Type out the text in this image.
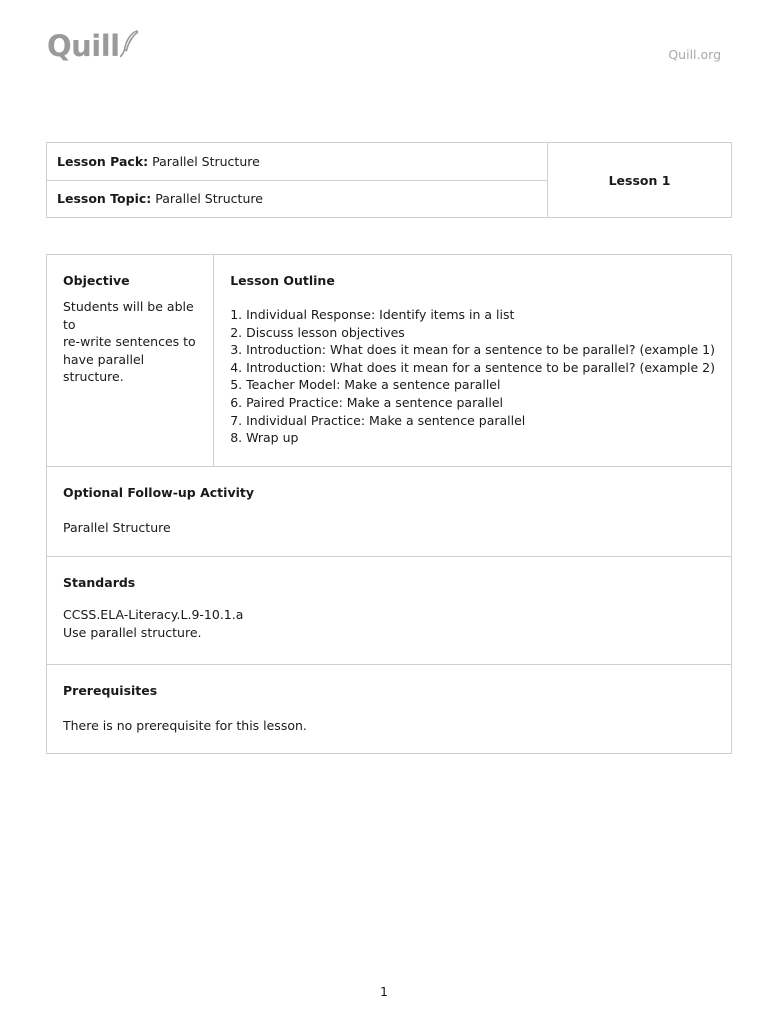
Quill	Quill.org
Lesson Pack:
Parallel Structure
Lesson Topic:
Parallel Structure
Lesson 1
Objective
Students will be able to
re-write sentences to
have parallel structure.
Lesson Outline
1. Individual Response: Identify items in a list
2. Discuss lesson objectives
3. Introduction: What does it mean for a sentence to be parallel? (example 1)
4. Introduction: What does it mean for a sentence to be parallel? (example 2)
5. Teacher Model: Make a sentence parallel
6. Paired Practice: Make a sentence parallel
7. Individual Practice: Make a sentence parallel
8. Wrap up
Optional Follow-up Activity
Parallel Structure
Standards
CCSS.ELA-Literacy.L.9-10.1.a
Use parallel structure.
Prerequisites
There is no prerequisite for this lesson.
1
